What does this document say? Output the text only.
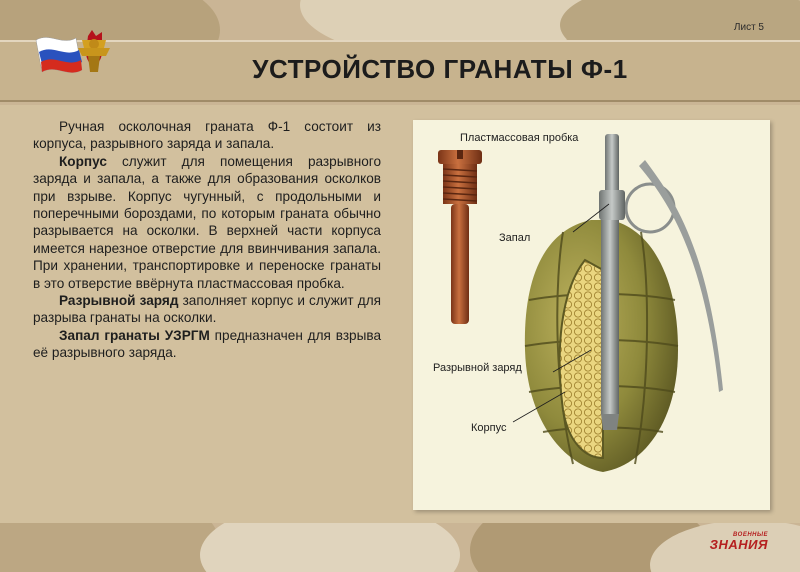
Лист 5
УСТРОЙСТВО ГРАНАТЫ Ф-1

Ручная осколочная граната Ф-1 состоит из корпуса, разрывного заряда и запала.

Корпус служит для помещения разрывного заряда и запала, а также для образования осколков при взрыве. Корпус чугунный, с продольными и поперечными бороздами, по которым граната обычно разрывается на осколки. В верхней части корпуса имеется нарезное отверстие для ввинчивания запала. При хранении, транспортировке и переноске гранаты в это отверстие ввёрнута пластмассовая пробка.

Разрывной заряд заполняет корпус и служит для разрыва гранаты на осколки.

Запал гранаты УЗРГМ предназначен для взрыва её разрывного заряда.

Пластмассовая пробка
Запал
Разрывной заряд
Корпус
ВОЕННЫЕ
ЗНАНИЯ
